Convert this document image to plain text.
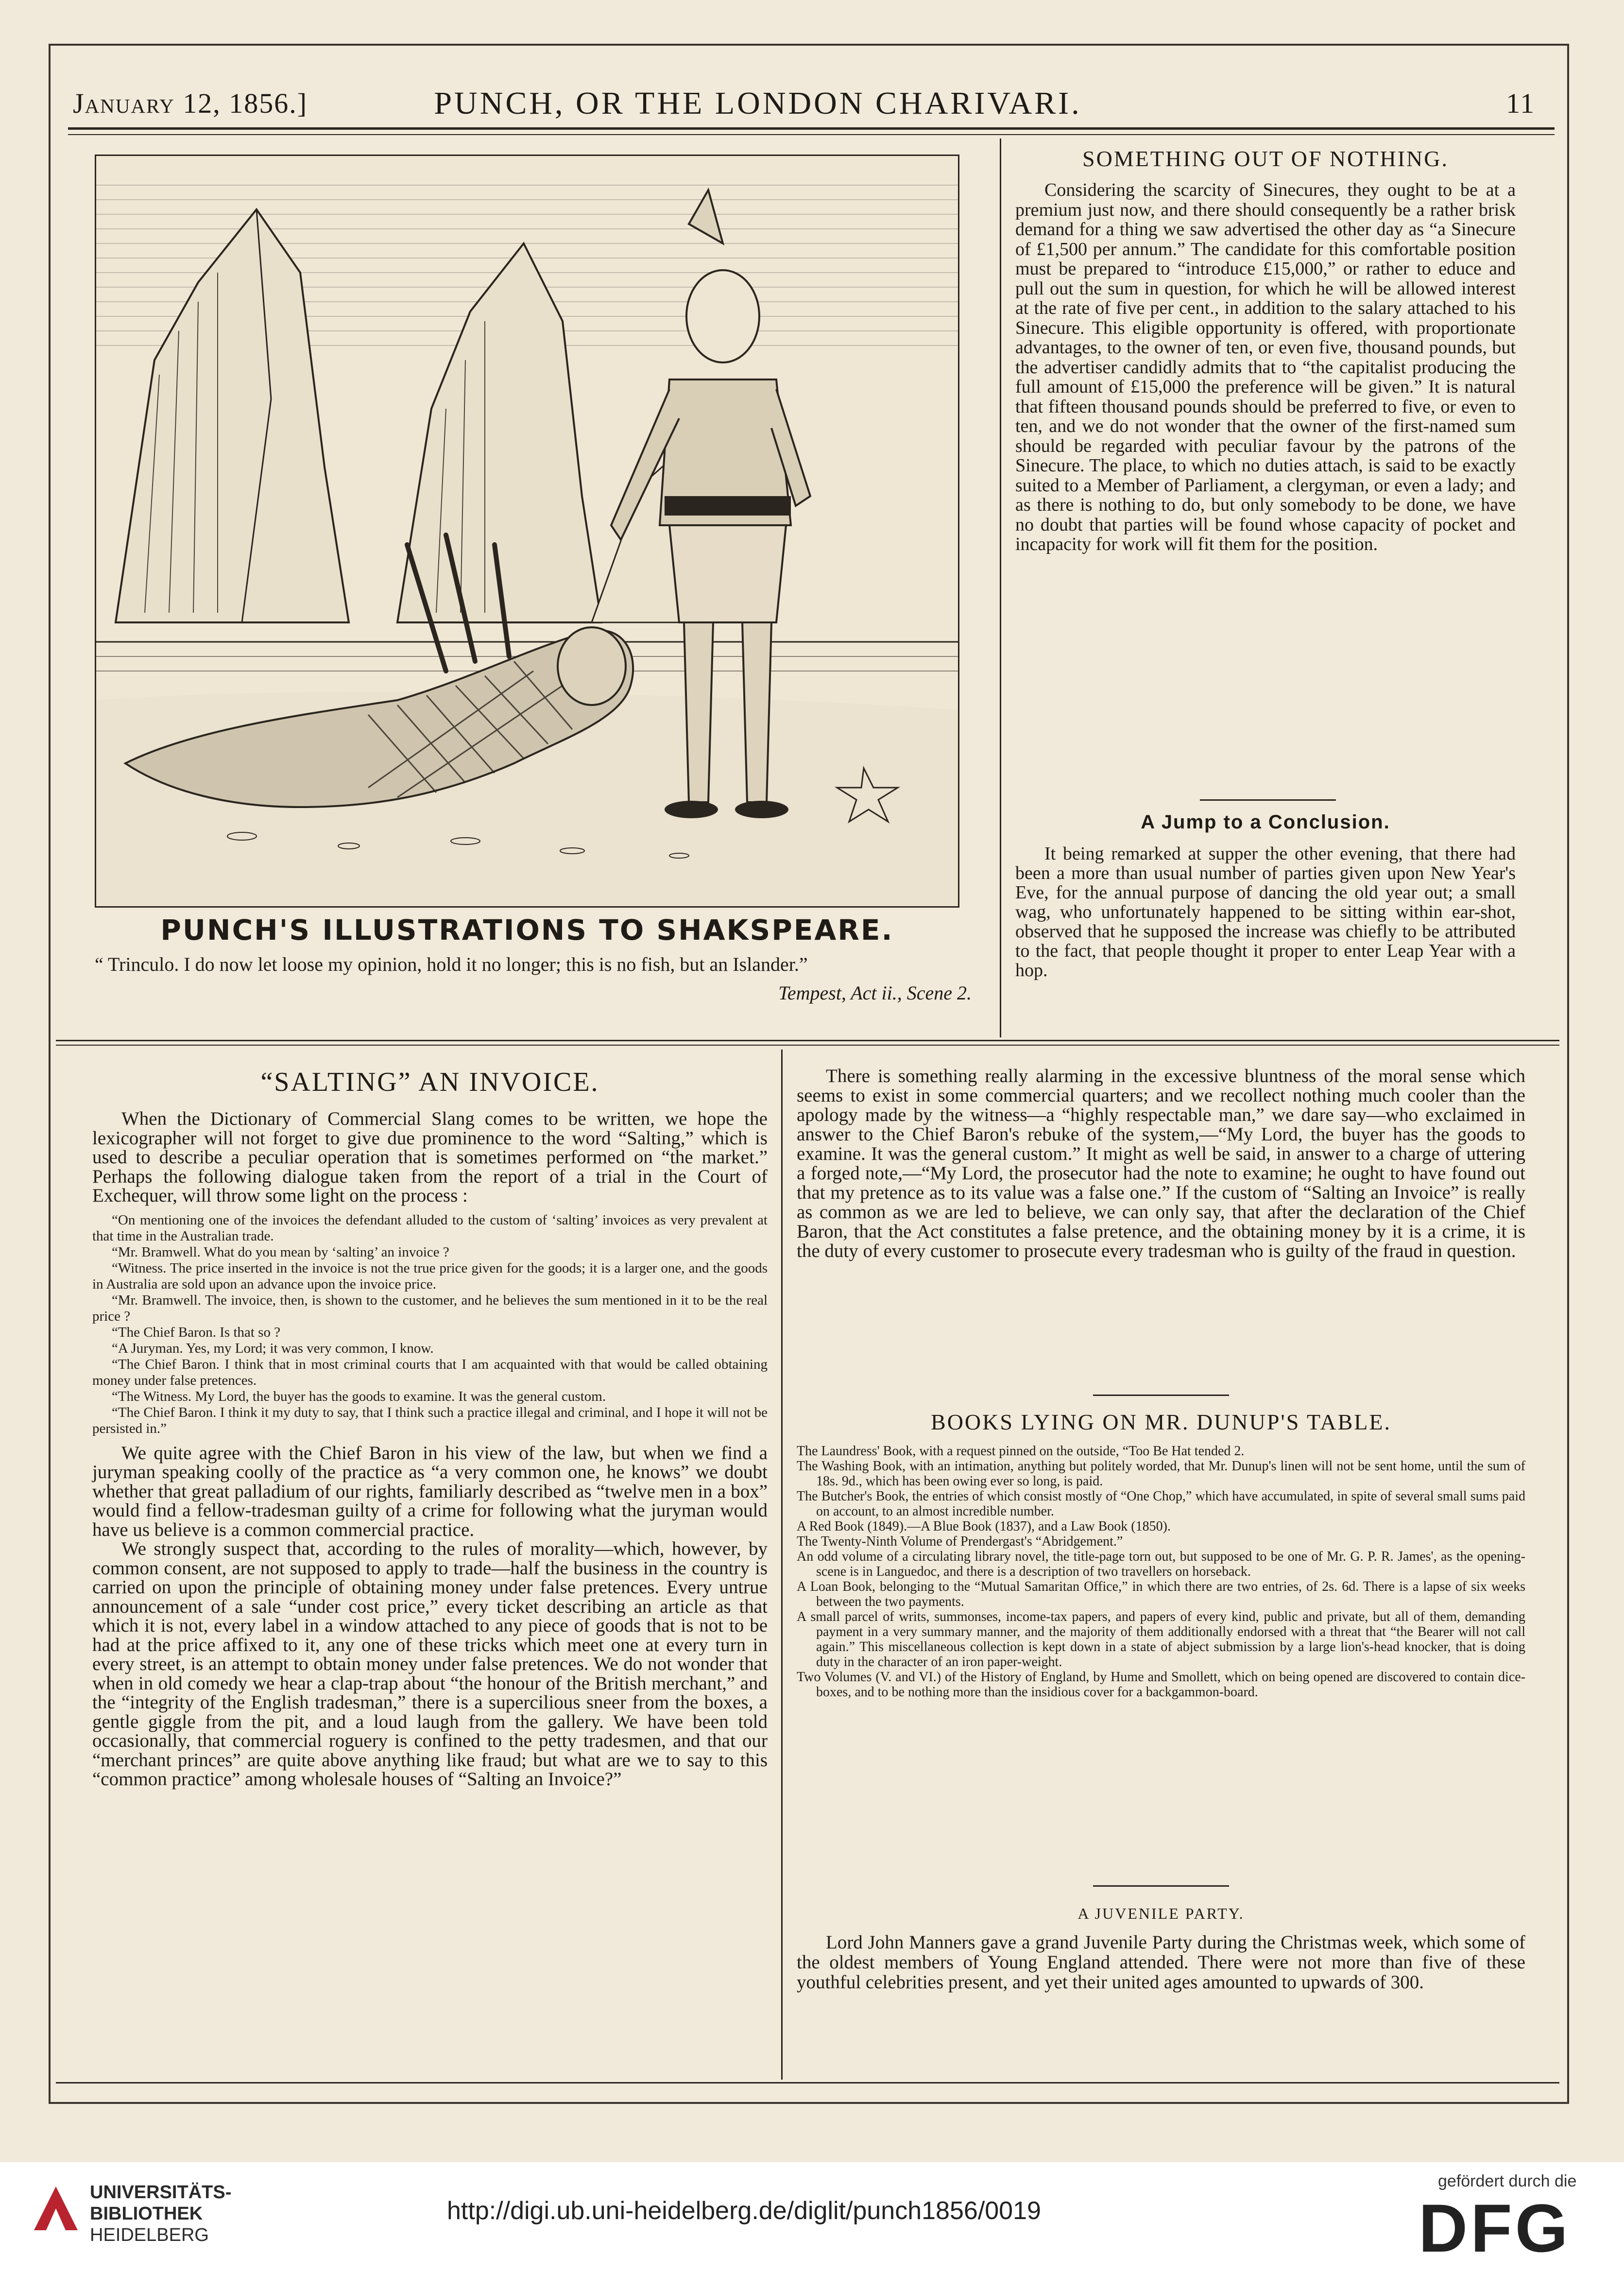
January 12, 1856.]	PUNCH, OR THE LONDON CHARIVARI.	11
PUNCH'S ILLUSTRATIONS TO SHAKSPEARE.
“ Trinculo. I do now let loose my opinion, hold it no longer; this is no fish, but an Islander.”
Tempest, Act ii., Scene 2.
SOMETHING OUT OF NOTHING.

Considering the scarcity of Sinecures, they ought to be at a premium just now, and there should consequently be a rather brisk demand for a thing we saw advertised the other day as “a Sinecure of £1,500 per annum.” The candidate for this comfortable position must be prepared to “introduce £15,000,” or rather to educe and pull out the sum in question, for which he will be allowed interest at the rate of five per cent., in addition to the salary attached to his Sinecure. This eligible opportunity is offered, with proportionate advantages, to the owner of ten, or even five, thousand pounds, but the advertiser candidly admits that to “the capitalist producing the full amount of £15,000 the preference will be given.” It is natural that fifteen thousand pounds should be preferred to five, or even to ten, and we do not wonder that the owner of the first-named sum should be regarded with peculiar favour by the patrons of the Sinecure. The place, to which no duties attach, is said to be exactly suited to a Member of Parliament, a clergyman, or even a lady; and as there is nothing to do, but only somebody to be done, we have no doubt that parties will be found whose capacity of pocket and incapacity for work will fit them for the position.

A Jump to a Conclusion.

It being remarked at supper the other evening, that there had been a more than usual number of parties given upon New Year's Eve, for the annual purpose of dancing the old year out; a small wag, who unfortunately happened to be sitting within ear-shot, observed that he supposed the increase was chiefly to be attributed to the fact, that people thought it proper to enter Leap Year with a hop.

“SALTING” AN INVOICE.

When the Dictionary of Commercial Slang comes to be written, we hope the lexicographer will not forget to give due prominence to the word “Salting,” which is used to describe a peculiar operation that is sometimes performed on “the market.” Perhaps the following dialogue taken from the report of a trial in the Court of Exchequer, will throw some light on the process :

“On mentioning one of the invoices the defendant alluded to the custom of ‘salting’ invoices as very prevalent at that time in the Australian trade.

“Mr. Bramwell. What do you mean by ‘salting’ an invoice ?

“Witness. The price inserted in the invoice is not the true price given for the goods; it is a larger one, and the goods in Australia are sold upon an advance upon the invoice price.

“Mr. Bramwell. The invoice, then, is shown to the customer, and he believes the sum mentioned in it to be the real price ?

“The Chief Baron. Is that so ?

“A Juryman. Yes, my Lord; it was very common, I know.

“The Chief Baron. I think that in most criminal courts that I am acquainted with that would be called obtaining money under false pretences.

“The Witness. My Lord, the buyer has the goods to examine. It was the general custom.

“The Chief Baron. I think it my duty to say, that I think such a practice illegal and criminal, and I hope it will not be persisted in.”

We quite agree with the Chief Baron in his view of the law, but when we find a juryman speaking coolly of the practice as “a very common one, he knows” we doubt whether that great palladium of our rights, familiarly described as “twelve men in a box” would find a fellow-tradesman guilty of a crime for following what the juryman would have us believe is a common commercial practice.

We strongly suspect that, according to the rules of morality—which, however, by common consent, are not supposed to apply to trade—half the business in the country is carried on upon the principle of obtaining money under false pretences. Every untrue announcement of a sale “under cost price,” every ticket describing an article as that which it is not, every label in a window attached to any piece of goods that is not to be had at the price affixed to it, any one of these tricks which meet one at every turn in every street, is an attempt to obtain money under false pretences. We do not wonder that when in old comedy we hear a clap-trap about “the honour of the British merchant,” and the “integrity of the English tradesman,” there is a supercilious sneer from the boxes, a gentle giggle from the pit, and a loud laugh from the gallery. We have been told occasionally, that commercial roguery is confined to the petty tradesmen, and that our “merchant princes” are quite above anything like fraud; but what are we to say to this “common practice” among wholesale houses of “Salting an Invoice?”

There is something really alarming in the excessive bluntness of the moral sense which seems to exist in some commercial quarters; and we recollect nothing much cooler than the apology made by the witness—a “highly respectable man,” we dare say—who exclaimed in answer to the Chief Baron's rebuke of the system,—“My Lord, the buyer has the goods to examine. It was the general custom.” It might as well be said, in answer to a charge of uttering a forged note,—“My Lord, the prosecutor had the note to examine; he ought to have found out that my pretence as to its value was a false one.” If the custom of “Salting an Invoice” is really as common as we are led to believe, we can only say, that after the declaration of the Chief Baron, that the Act constitutes a false pretence, and the obtaining money by it is a crime, it is the duty of every customer to prosecute every tradesman who is guilty of the fraud in question.

BOOKS LYING ON MR. DUNUP'S TABLE.

The Laundress' Book, with a request pinned on the outside, “Too Be Hat tended 2.

The Washing Book, with an intimation, anything but politely worded, that Mr. Dunup's linen will not be sent home, until the sum of 18s. 9d., which has been owing ever so long, is paid.

The Butcher's Book, the entries of which consist mostly of “One Chop,” which have accumulated, in spite of several small sums paid on account, to an almost incredible number.

A Red Book (1849).—A Blue Book (1837), and a Law Book (1850).

The Twenty-Ninth Volume of Prendergast's “Abridgement.”

An odd volume of a circulating library novel, the title-page torn out, but supposed to be one of Mr. G. P. R. James', as the opening-scene is in Languedoc, and there is a description of two travellers on horseback.

A Loan Book, belonging to the “Mutual Samaritan Office,” in which there are two entries, of 2s. 6d. There is a lapse of six weeks between the two payments.

A small parcel of writs, summonses, income-tax papers, and papers of every kind, public and private, but all of them, demanding payment in a very summary manner, and the majority of them additionally endorsed with a threat that “the Bearer will not call again.” This miscellaneous collection is kept down in a state of abject submission by a large lion's-head knocker, that is doing duty in the character of an iron paper-weight.

Two Volumes (V. and VI.) of the History of England, by Hume and Smollett, which on being opened are discovered to contain dice-boxes, and to be nothing more than the insidious cover for a backgammon-board.

A JUVENILE PARTY.

Lord John Manners gave a grand Juvenile Party during the Christmas week, which some of the oldest members of Young England attended. There were not more than five of these youthful celebrities present, and yet their united ages amounted to upwards of 300.

UNIVERSITÄTS-
BIBLIOTHEK
HEIDELBERG
http://digi.ub.uni-heidelberg.de/diglit/punch1856/0019
gefördert durch die
DFG
